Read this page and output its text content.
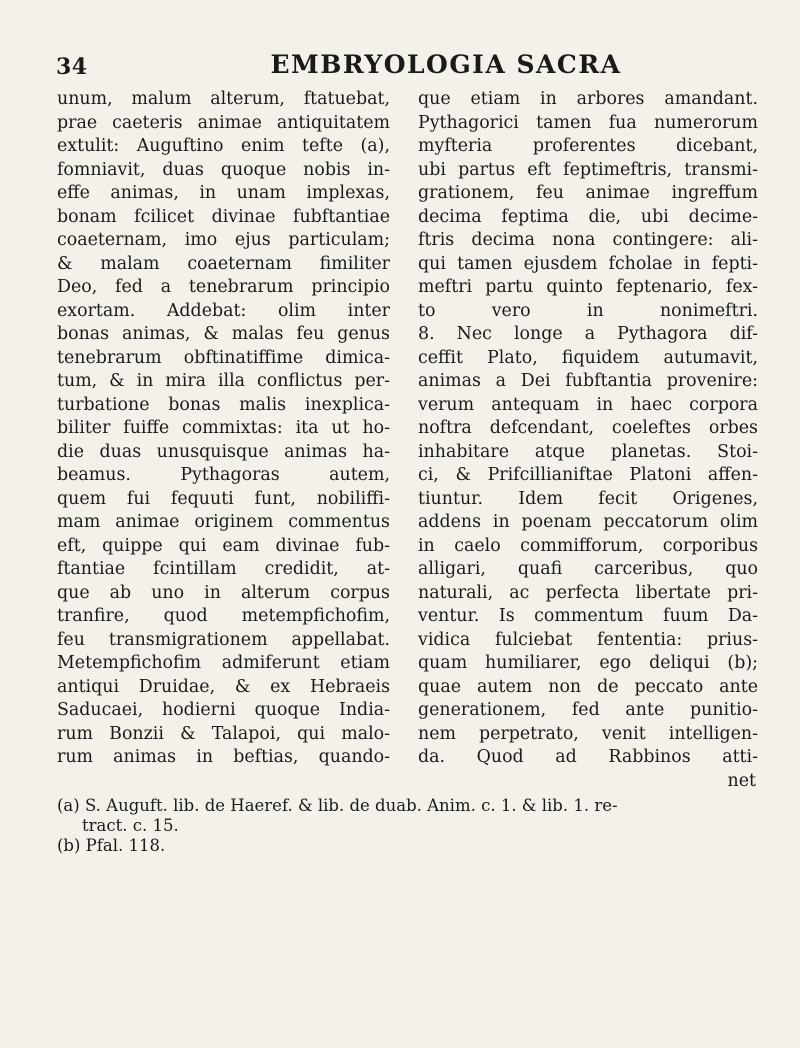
34	EMBRYOLOGIA SACRA
unum, malum alterum, ftatuebat,
prae caeteris animae antiquitatem
extulit: Auguftino enim tefte (a),
fomniavit, duas quoque nobis in-
effe animas, in unam implexas,
bonam fcilicet divinae fubftantiae
coaeternam, imo ejus particulam;
& malam coaeternam fimiliter
Deo, fed a tenebrarum principio
exortam. Addebat: olim inter
bonas animas, & malas feu genus
tenebrarum obftinatiffime dimica-
tum, & in mira illa conflictus per-
turbatione bonas malis inexplica-
biliter fuiffe commixtas: ita ut ho-
die duas unusquisque animas ha-
beamus. Pythagoras autem,
quem fui fequuti funt, nobiliffi-
mam animae originem commentus
eft, quippe qui eam divinae fub-
ftantiae fcintillam credidit, at-
que ab uno in alterum corpus
tranfire, quod metempfichofim,
feu transmigrationem appellabat.
Metempfichofim admiferunt etiam
antiqui Druidae, & ex Hebraeis
Saducaei, hodierni quoque India-
rum Bonzii & Talapoi, qui malo-
rum animas in beftias, quando-
que etiam in arbores amandant.
Pythagorici tamen fua numerorum
myfteria proferentes dicebant,
ubi partus eft feptimeftris, transmi-
grationem, feu animae ingreffum
decima feptima die, ubi decime-
ftris decima nona contingere: ali-
qui tamen ejusdem fcholae in fepti-
meftri partu quinto feptenario, fex-
to vero in nonimeftri.
8. Nec longe a Pythagora dif-
ceffit Plato, fiquidem autumavit,
animas a Dei fubftantia provenire:
verum antequam in haec corpora
noftra defcendant, coeleftes orbes
inhabitare atque planetas. Stoi-
ci, & Prifcillianiftae Platoni affen-
tiuntur. Idem fecit Origenes,
addens in poenam peccatorum olim
in caelo commifforum, corporibus
alligari, quafi carceribus, quo
naturali, ac perfecta libertate pri-
ventur. Is commentum fuum Da-
vidica fulciebat fententia: prius-
quam humiliarer, ego deliqui (b);
quae autem non de peccato ante
generationem, fed ante punitio-
nem perpetrato, venit intelligen-
da. Quod ad Rabbinos atti-
net
(a) S. Auguft. lib. de Haeref. & lib. de duab. Anim. c. 1. & lib. 1. re-
tract. c. 15.
(b) Pfal. 118.
